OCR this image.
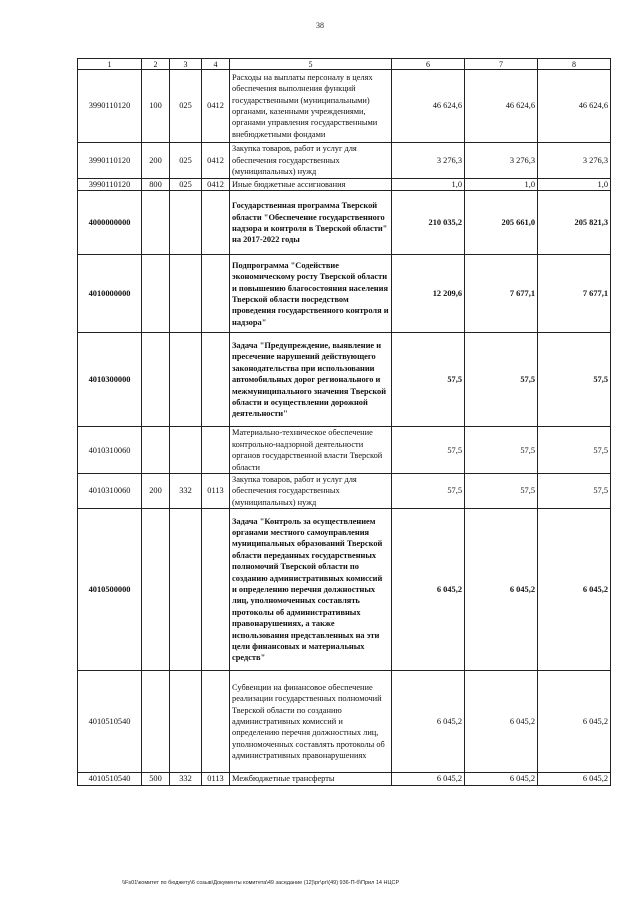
38
1	2	3	4	5	6	7	8
3990110120	100	025	0412	Расходы на выплаты персоналу в целях обеспечения выполнения функций государственными (муниципальными) органами, казенными учреждениями, органами управления государственными внебюджетными фондами	46 624,6	46 624,6	46 624,6
3990110120	200	025	0412	Закупка товаров, работ и услуг для обеспечения государственных (муниципальных) нужд	3 276,3	3 276,3	3 276,3
3990110120	800	025	0412	Иные бюджетные ассигнования	1,0	1,0	1,0
4000000000				Государственная программа Тверской области "Обеспечение государственного надзора и контроля в Тверской области" на 2017-2022 годы	210 035,2	205 661,0	205 821,3
4010000000				Подпрограмма "Содействие экономическому росту Тверской области и повышению благосостояния населения Тверской области посредством проведения государственного контроля и надзора"	12 209,6	7 677,1	7 677,1
4010300000				Задача "Предупреждение, выявление и пресечение нарушений действующего законодательства при использовании автомобильных дорог регионального и межмуниципального значения Тверской области и осуществлении дорожной деятельности"	57,5	57,5	57,5
4010310060				Материально-техническое обеспечение контрольно-надзорной деятельности органов государственной власти Тверской области	57,5	57,5	57,5
4010310060	200	332	0113	Закупка товаров, работ и услуг для обеспечения государственных (муниципальных) нужд	57,5	57,5	57,5
4010500000				Задача "Контроль за осуществлением органами местного самоуправления муниципальных образований Тверской области переданных государственных полномочий Тверской области по созданию административных комиссий и определению перечня должностных лиц, уполномоченных составлять протоколы об административных правонарушениях, а также использования представленных на эти цели финансовых и материальных средств"	6 045,2	6 045,2	6 045,2
4010510540				Субвенции на финансовое обеспечение реализации государственных полномочий Тверской области по созданию административных комиссий и определению перечня должностных лиц, уполномоченных составлять протоколы об административных правонарушениях	6 045,2	6 045,2	6 045,2
4010510540	500	332	0113	Межбюджетные трансферты	6 045,2	6 045,2	6 045,2
\\Fs01\комитет по бюджету\6 созыв\Документы комитета\49 заседание (12)\рг\рг\(49) 936-П-б\Прил 14 НЦСР
